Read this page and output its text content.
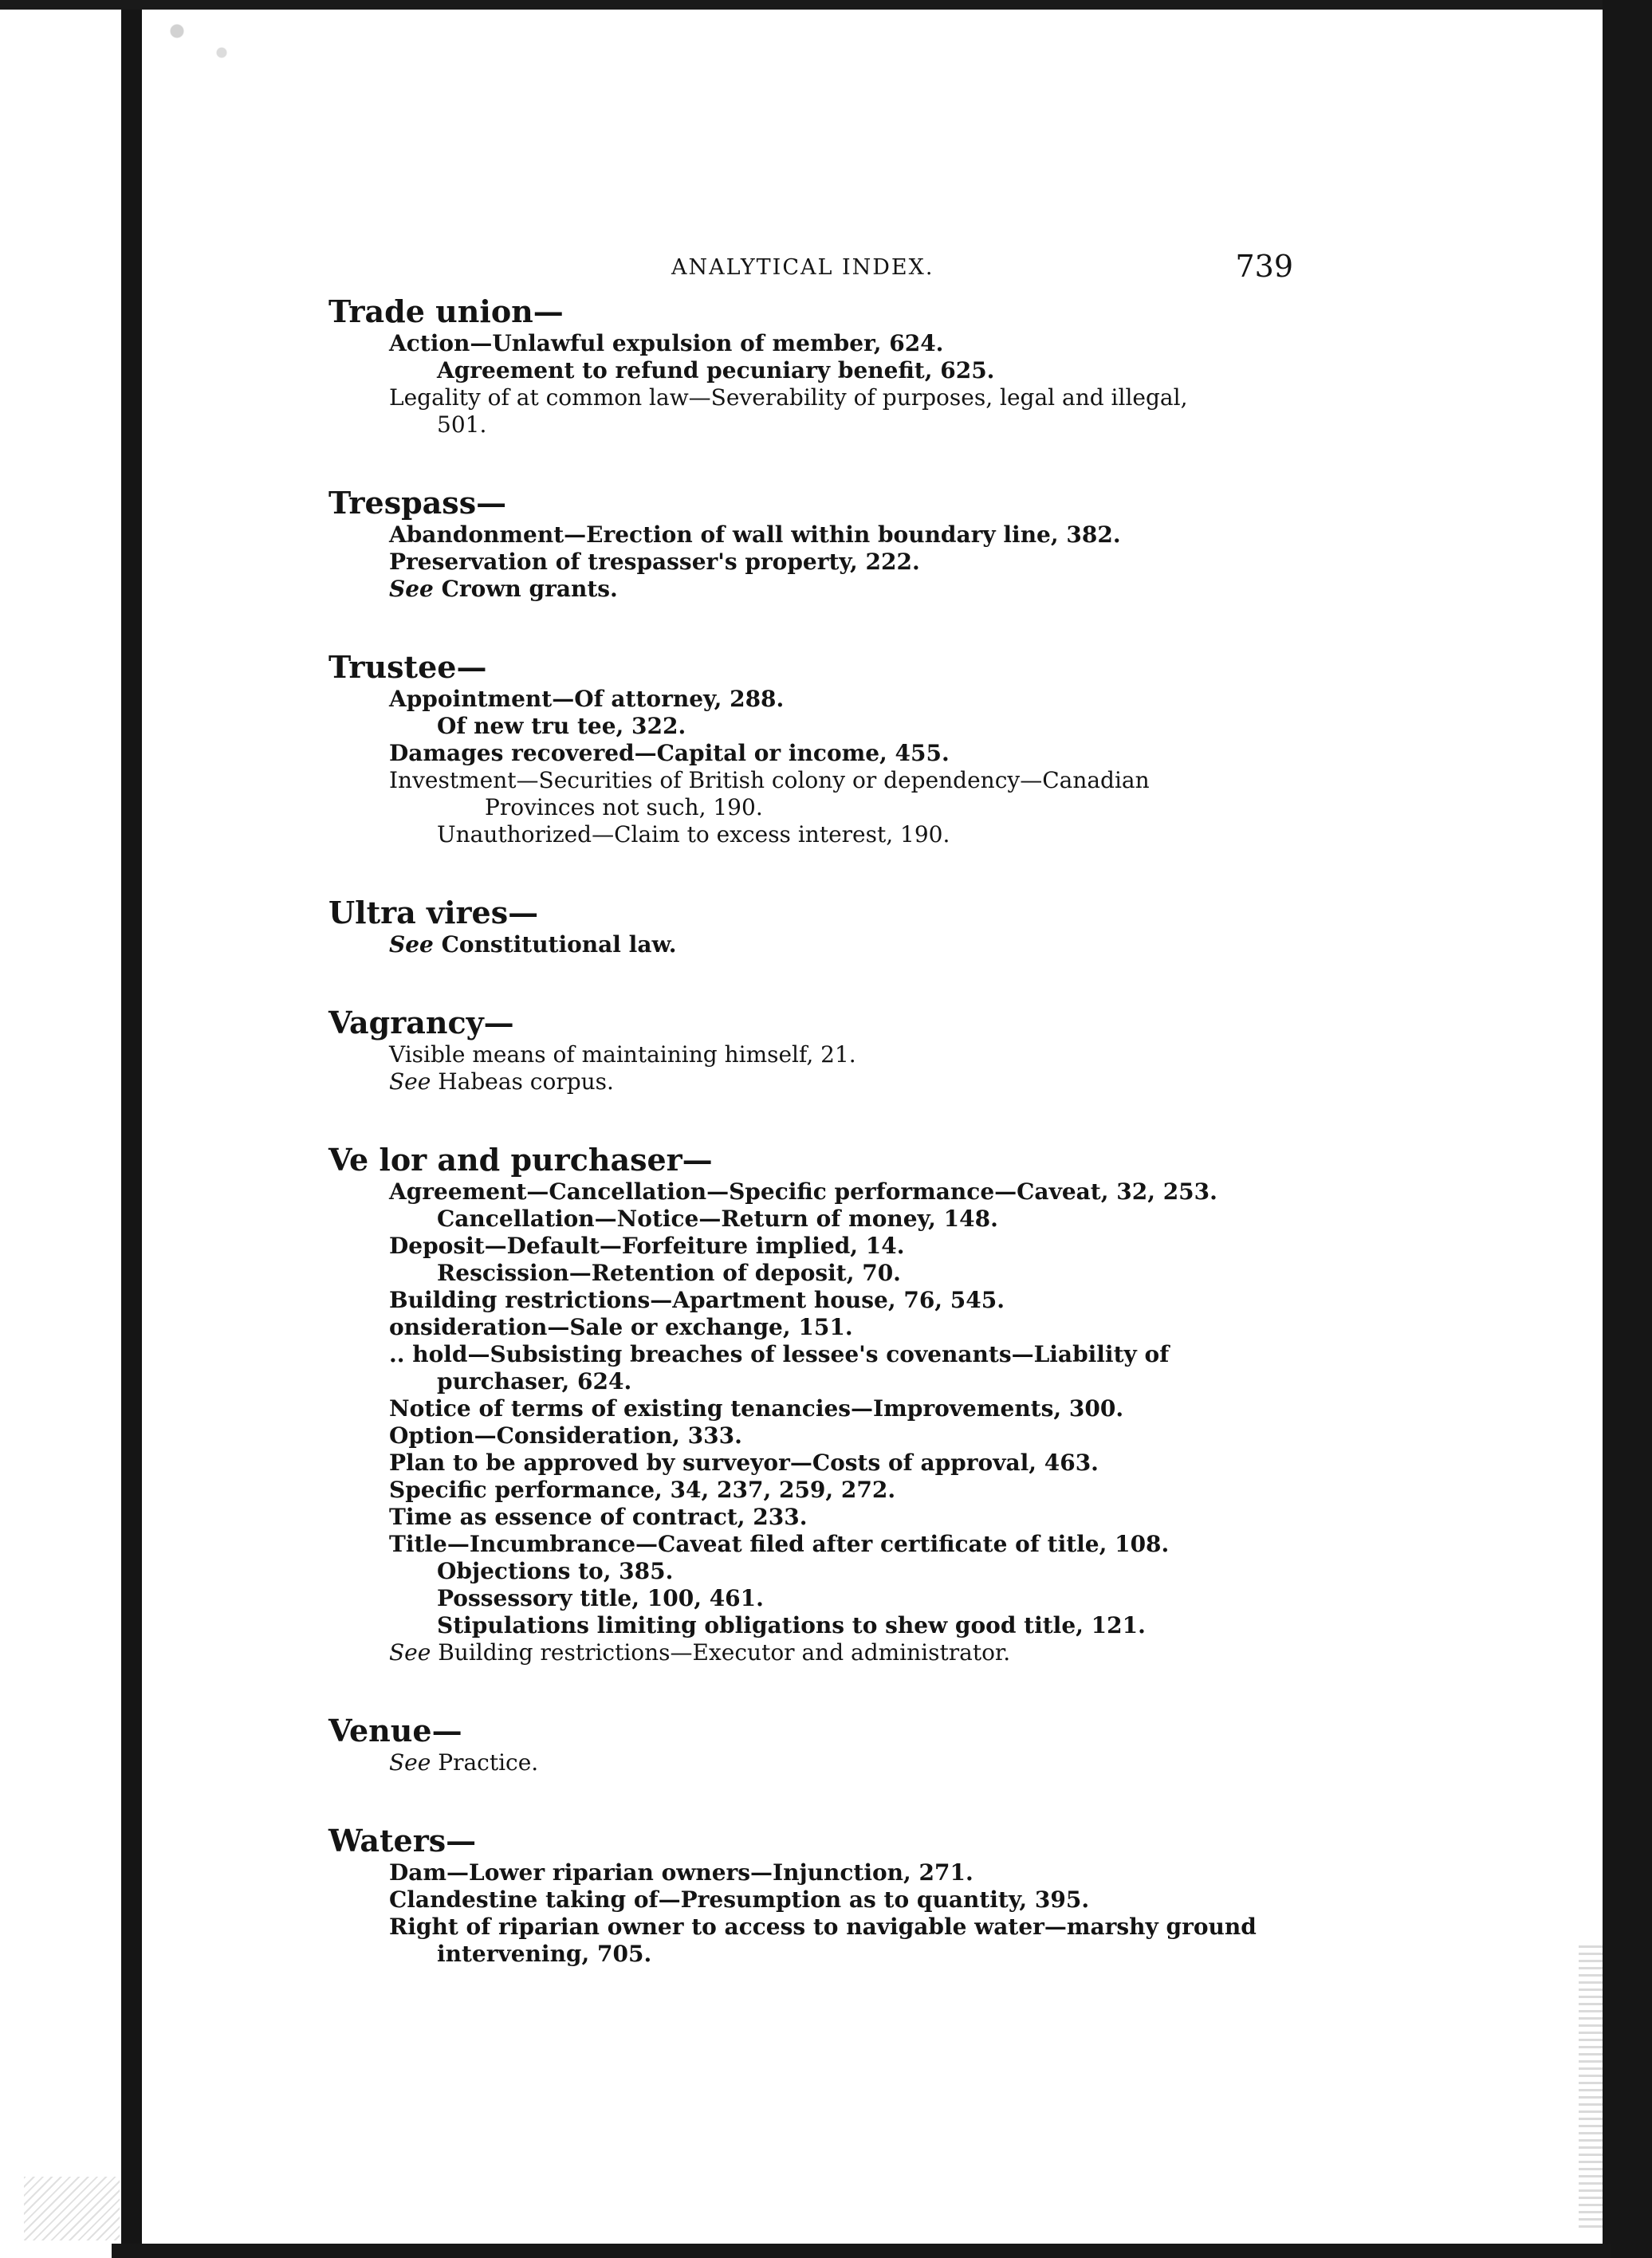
ANALYTICAL INDEX.	739
Trade union—
Action—Unlawful expulsion of member, 624.
Agreement to refund pecuniary benefit, 625.
Legality of at common law—Severability of purposes, legal and illegal,
501.
Trespass—
Abandonment—Erection of wall within boundary line, 382.
Preservation of trespasser's property, 222.
See Crown grants.
Trustee—
Appointment—Of attorney, 288.
Of new tru tee, 322.
Damages recovered—Capital or income, 455.
Investment—Securities of British colony or dependency—Canadian
Provinces not such, 190.
Unauthorized—Claim to excess interest, 190.
Ultra vires—
See Constitutional law.
Vagrancy—
Visible means of maintaining himself, 21.
See Habeas corpus.
Ve lor and purchaser—
Agreement—Cancellation—Specific performance—Caveat, 32, 253.
Cancellation—Notice—Return of money, 148.
Deposit—Default—Forfeiture implied, 14.
Rescission—Retention of deposit, 70.
Building restrictions—Apartment house, 76, 545.
onsideration—Sale or exchange, 151.
.. hold—Subsisting breaches of lessee's covenants—Liability of
purchaser, 624.
Notice of terms of existing tenancies—Improvements, 300.
Option—Consideration, 333.
Plan to be approved by surveyor—Costs of approval, 463.
Specific performance, 34, 237, 259, 272.
Time as essence of contract, 233.
Title—Incumbrance—Caveat filed after certificate of title, 108.
Objections to, 385.
Possessory title, 100, 461.
Stipulations limiting obligations to shew good title, 121.
See Building restrictions—Executor and administrator.
Venue—
See Practice.
Waters—
Dam—Lower riparian owners—Injunction, 271.
Clandestine taking of—Presumption as to quantity, 395.
Right of riparian owner to access to navigable water—marshy ground
intervening, 705.
